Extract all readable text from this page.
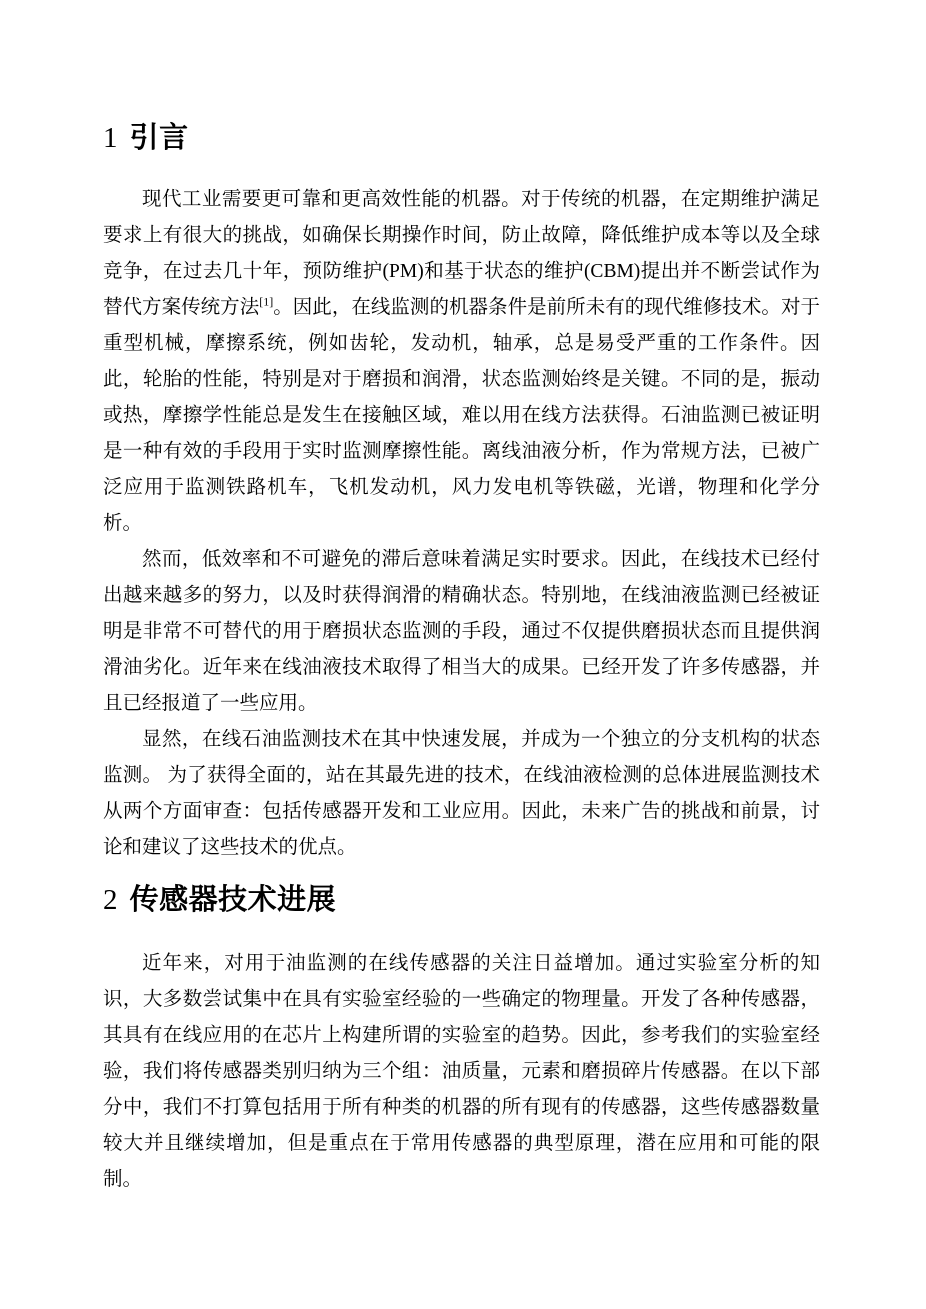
1 引言

现代工业需要更可靠和更高效性能的机器。对于传统的机器，在定期维护满足要求上有很大的挑战，如确保长期操作时间，防止故障，降低维护成本等以及全球竞争，在过去几十年，预防维护(PM)和基于状态的维护(CBM)提出并不断尝试作为替代方案传统方法[1]。因此，在线监测的机器条件是前所未有的现代维修技术。对于重型机械，摩擦系统，例如齿轮，发动机，轴承，总是易受严重的工作条件。因此，轮胎的性能，特别是对于磨损和润滑，状态监测始终是关键。不同的是，振动或热，摩擦学性能总是发生在接触区域，难以用在线方法获得。石油监测已被证明是一种有效的手段用于实时监测摩擦性能。离线油液分析，作为常规方法，已被广泛应用于监测铁路机车，飞机发动机，风力发电机等铁磁，光谱，物理和化学分析。

然而，低效率和不可避免的滞后意味着满足实时要求。因此，在线技术已经付出越来越多的努力，以及时获得润滑的精确状态。特别地，在线油液监测已经被证明是非常不可替代的用于磨损状态监测的手段，通过不仅提供磨损状态而且提供润滑油劣化。近年来在线油液技术取得了相当大的成果。已经开发了许多传感器，并且已经报道了一些应用。

显然，在线石油监测技术在其中快速发展，并成为一个独立的分支机构的状态监测。 为了获得全面的，站在其最先进的技术，在线油液检测的总体进展监测技术从两个方面审查：包括传感器开发和工业应用。因此，未来广告的挑战和前景，讨论和建议了这些技术的优点。

2 传感器技术进展

近年来，对用于油监测的在线传感器的关注日益增加。通过实验室分析的知识，大多数尝试集中在具有实验室经验的一些确定的物理量。开发了各种传感器，其具有在线应用的在芯片上构建所谓的实验室的趋势。因此，参考我们的实验室经验，我们将传感器类别归纳为三个组：油质量，元素和磨损碎片传感器。在以下部分中，我们不打算包括用于所有种类的机器的所有现有的传感器，这些传感器数量较大并且继续增加，但是重点在于常用传感器的典型原理，潜在应用和可能的限制。
